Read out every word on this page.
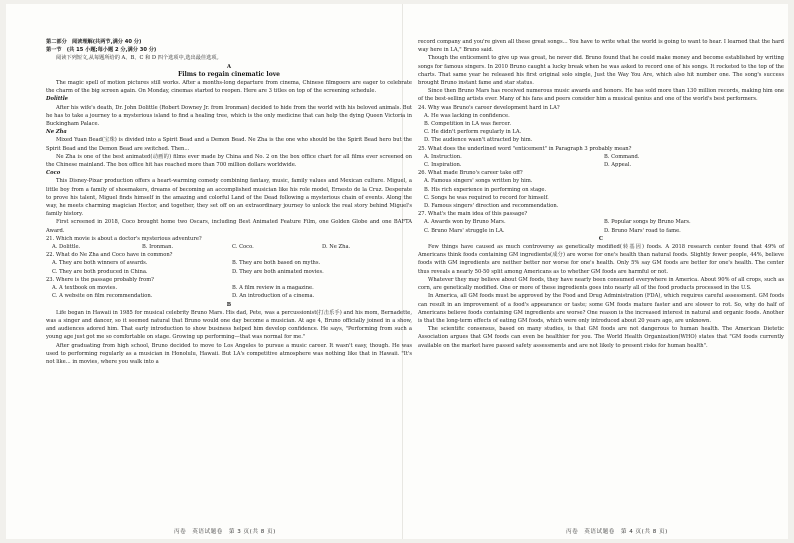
第二部分　阅读理解(共两节,满分 40 分)

第一节　(共 15 小题;每小题 2 分,满分 30 分)

阅读下列短文,从每题所给的 A、B、C 和 D 四个选项中,选出最佳选项。

A

Films to regain cinematic love

The magic spell of motion pictures still works. After a months-long departure from cinema, Chinese filmgoers are eager to celebrate the charm of the big screen again. On Monday, cinemas started to reopen. Here are 3 titles on top of the screening schedule.

Dolittle

After his wife's death, Dr. John Dolittle (Robert Downey Jr. from Ironman) decided to hide from the world with his beloved animals. But he has to take a journey to a mysterious island to find a healing tree, which is the only medicine that can help the dying Queen Victoria in Buckingham Palace.

Ne Zha

Mixed Yuan Bead(宝珠) is divided into a Spirit Bead and a Demon Bead. Ne Zha is the one who should be the Spirit Bead hero but the Spirit Bead and the Demon Bead are switched. Then...

Ne Zha is one of the best animated(动画的) films ever made by China and No. 2 on the box office chart for all films ever screened on the Chinese mainland. The box office hit has reached more than 700 million dollars worldwide.

Coco

This Disney-Pixar production offers a heart-warming comedy combining fantasy, music, family values and Mexican culture. Miguel, a little boy from a family of shoemakers, dreams of becoming an accomplished musician like his role model, Ernesto de la Cruz. Desperate to prove his talent, Miguel finds himself in the amazing and colorful Land of the Dead following a mysterious chain of events. Along the way, he meets charming magician Hector, and together, they set off on an extraordinary journey to unlock the real story behind Miguel's family history.

First screened in 2018, Coco brought home two Oscars, including Best Animated Feature Film, one Golden Globe and one BAFTA Award.

21. Which movie is about a doctor's mysterious adventure?

A. Dolittle.	B. Ironman.	C. Coco.	D. Ne Zha.

22. What do Ne Zha and Coco have in common?

A. They are both winners of awards.	B. They are both based on myths.
C. They are both produced in China.	D. They are both animated movies.

23. Where is the passage probably from?

A. A textbook on movies.	B. A film review in a magazine.
C. A website on film recommendation.	D. An introduction of a cinema.

B

Life began in Hawaii in 1985 for musical celebrity Bruno Mars. His dad, Pete, was a percussionist(打击乐手) and his mom, Bernadette, was a singer and dancer, so it seemed natural that Bruno would one day become a musician. At age 4, Bruno officially joined in a show, and audiences adored him. That early introduction to show business helped him develop confidence. He says, "Performing from such a young age just got me so comfortable on stage. Growing up performing—that was normal for me."

After graduating from high school, Bruno decided to move to Los Angeles to pursue a music career. It wasn't easy, though. He was used to performing regularly as a musician in Honolulu, Hawaii. But LA's competitive atmosphere was nothing like that in Hawaii. "It's not like... in movies, where you walk into a

record company and you're given all these great songs... You have to write what the world is going to want to hear. I learned that the hard way here in LA," Bruno said.

Though the enticement to give up was great, he never did. Bruno found that he could make money and become established by writing songs for famous singers. In 2010 Bruno caught a lucky break when he was asked to record one of his songs. It rocketed to the top of the charts. That same year he released his first original solo single, Just the Way You Are, which also hit number one. The song's success brought Bruno instant fame and star status.

Since then Bruno Mars has received numerous music awards and honors. He has sold more than 130 million records, making him one of the best-selling artists ever. Many of his fans and peers consider him a musical genius and one of the world's best performers.

24. Why was Bruno's career development hard in LA?

A. He was lacking in confidence.
B. Competition in LA was fiercer.
C. He didn't perform regularly in LA.
D. The audience wasn't attracted by him.

25. What does the underlined word "enticement" in Paragraph 3 probably mean?

A. Instruction.	B. Command.
C. Inspiration.	D. Appeal.

26. What made Bruno's career take off?

A. Famous singers' songs written by him.
B. His rich experience in performing on stage.
C. Songs he was required to record for himself.
D. Famous singers' direction and recommendation.

27. What's the main idea of this passage?

A. Awards won by Bruno Mars.	B. Popular songs by Bruno Mars.
C. Bruno Mars' struggle in LA.	D. Bruno Mars' road to fame.

C

Few things have caused as much controversy as genetically modified(转基因) foods. A 2018 research center found that 49% of Americans think foods containing GM ingredients(成分) are worse for one's health than natural foods. Slightly fewer people, 44%, believe foods with GM ingredients are neither better nor worse for one's health. Only 5% say GM foods are better for one's health. The center thus reveals a nearly 50-50 split among Americans as to whether GM foods are harmful or not.

Whatever they may believe about GM foods, they have nearly been consumed everywhere in America. About 90% of all crops, such as corn, are genetically modified. One or more of these ingredients goes into nearly all of the food products processed in the U.S.

In America, all GM foods must be approved by the Food and Drug Administration (FDA), which requires careful assessment. GM foods can result in an improvement of a food's appearance or taste; some GM foods mature faster and are slower to rot. So, why do half of Americans believe foods containing GM ingredients are worse? One reason is the increased interest in natural and organic foods. Another is that the long-term effects of eating GM foods, which were only introduced about 20 years ago, are unknown.

The scientific consensus, based on many studies, is that GM foods are not dangerous to human health. The American Dietetic Association argues that GM foods can even be healthier for you. The World Health Organization(WHO) states that "GM foods currently available on the market have passed safety assessments and are not likely to present risks for human health".

丙卷　英语试题卷　第 3 页(共 8 页)	丙卷　英语试题卷　第 4 页(共 8 页)
